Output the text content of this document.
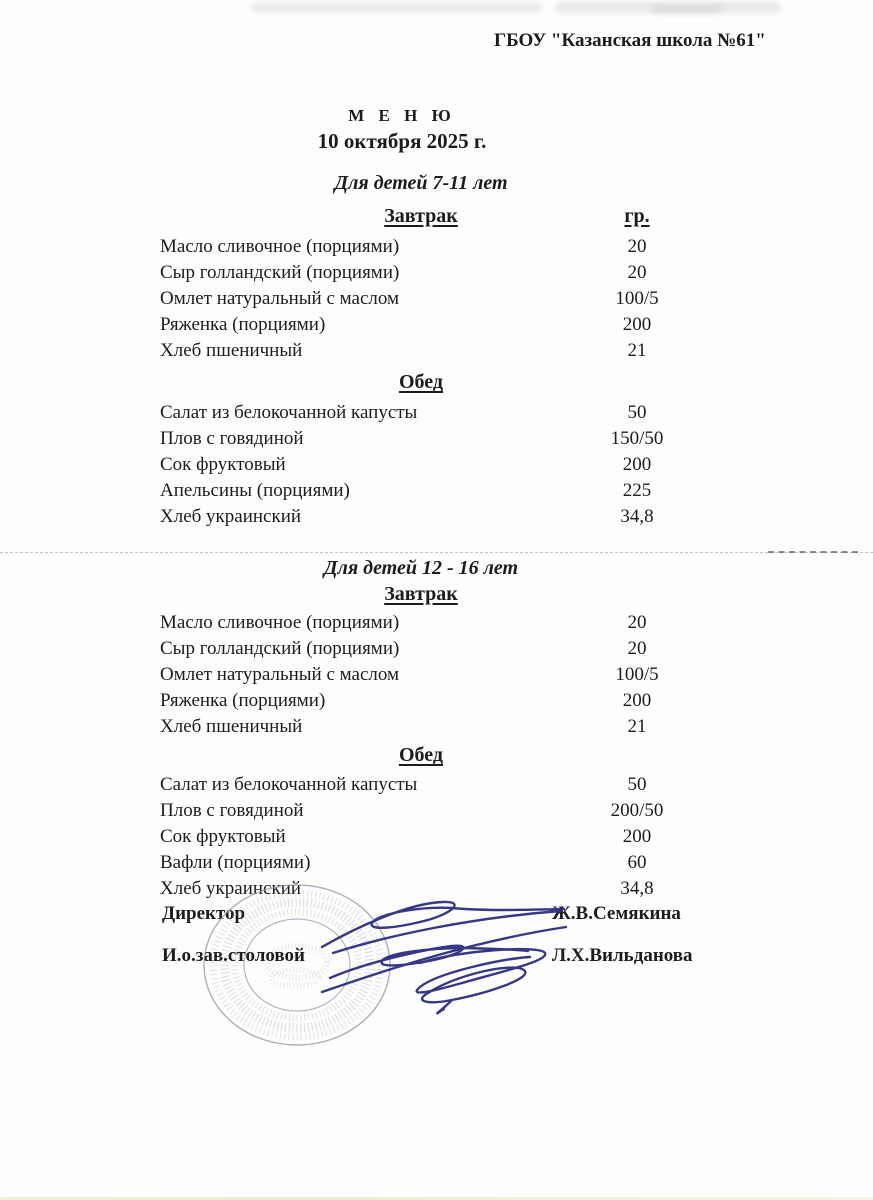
ГБОУ "Казанская школа №61"
М Е Н Ю
10 октября 2025 г.
Для детей 7-11 лет
Завтрак	гр.
Масло сливочное (порциями)	20
Сыр голландский (порциями)	20
Омлет натуральный с маслом	100/5
Ряженка (порциями)	200
Хлеб пшеничный	21
Обед
Салат из белокочанной капусты	50
Плов с говядиной	150/50
Сок фруктовый	200
Апельсины (порциями)	225
Хлеб украинский	34,8
Для детей 12 - 16 лет
Завтрак
Масло сливочное (порциями)	20
Сыр голландский (порциями)	20
Омлет натуральный с маслом	100/5
Ряженка (порциями)	200
Хлеб пшеничный	21
Обед
Салат из белокочанной капусты	50
Плов с говядиной	200/50
Сок фруктовый	200
Вафли (порциями)	60
Хлеб украинский	34,8
Директор	Ж.В.Семякина
И.о.зав.столовой	Л.Х.Вильданова
